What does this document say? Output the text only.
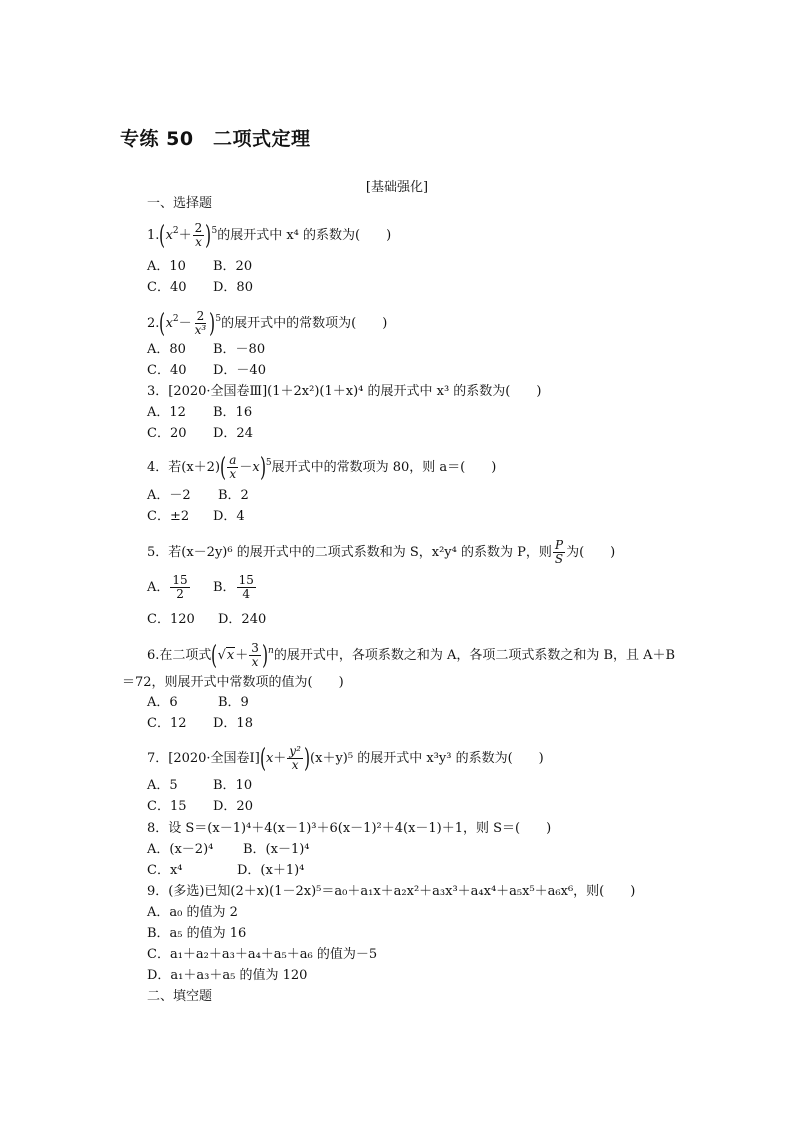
专练 50　二项式定理
[基础强化]
一、选择题
$1.(x^2+ \frac{2}{x} )^5$的展开式中 x⁴ 的系数为(　　)
A．10 B．20
C．40 D．80
$2.(x^2- \frac{2}{\text{x³}} )^5$的展开式中的常数项为(　　)
A．80 B．－80
C．40 D．－40
3．[2020·全国卷Ⅲ](1＋2x²)(1＋x)⁴ 的展开式中 x³ 的系数为(　　)
A．12 B．16
C．20 D．24
4．若$(x+2)( \frac{a}{x} -x)^5$展开式中的常数项为 80，则 a＝(　　)
A．－2 B．2
C．±2 D．4
5．若(x－2y)⁶ 的展开式中的二项式系数和为 S，x²y⁴ 的系数为 P，则 $\frac{P}{S}$ 为(　　)
A． $\frac{15}{2}$ B． $\frac{15}{4}$
C．120 D．240
6.在二项式$(√x+ \frac{3}{x} )^n$的展开式中，各项系数之和为 A，各项二项式系数之和为 B，且 A＋B
＝72，则展开式中常数项的值为(　　)
A．6	B．9
C．12 D．18
7．[2020·全国卷Ⅰ](x＋ $\frac{\text{y²}}{x} )(x+y)^5$ 的展开式中 x³y³ 的系数为(　　)
A．5	B．10
C．15 D．20
8．设 S＝(x－1)⁴＋4(x－1)³＋6(x－1)²＋4(x－1)＋1，则 S＝(　　)
A．(x－2)⁴ B．(x－1)⁴
C．x⁴	D．(x＋1)⁴
9．(多选)已知(2＋x)(1－2x)⁵＝a₀＋a₁x＋a₂x²＋a₃x³＋a₄x⁴＋a₅x⁵＋a₆x⁶，则(　　)
A．a₀ 的值为 2
B．a₅ 的值为 16
C．a₁＋a₂＋a₃＋a₄＋a₅＋a₆ 的值为－5
D．a₁＋a₃＋a₅ 的值为 120
二、填空题
